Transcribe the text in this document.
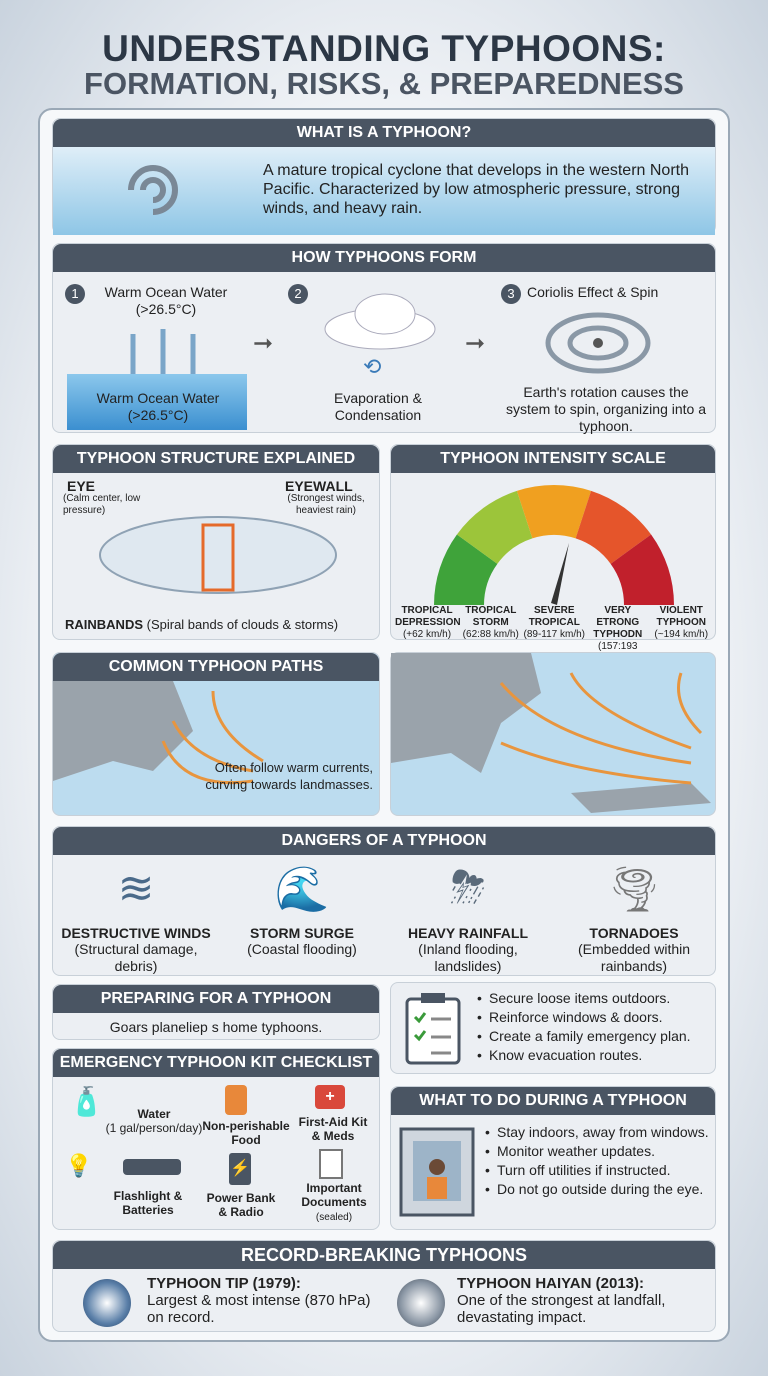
UNDERSTANDING TYPHOONS:
FORMATION, RISKS, & PREPAREDNESS
WHAT IS A TYPHOON?
A mature tropical cyclone that develops in the western North Pacific. Characterized by low atmospheric pressure, strong winds, and heavy rain.
HOW TYPHOONS FORM
1	Warm Ocean Water (>26.5°C)
Warm Ocean Water (>26.5°C)
➞
2
⟲
Evaporation & Condensation
➞
3 Coriolis Effect & Spin
Earth's rotation causes the system to spin, organizing into a typhoon.
TYPHOON STRUCTURE EXPLAINED
EYE
(Calm center, low pressure)
EYEWALL
(Strongest winds, heaviest rain)
RAINBANDS (Spiral bands of clouds & storms)
TYPHOON INTENSITY SCALE
TROPICAL DEPRESSION
(+62 km/h)
TROPICAL STORM
(62:88 km/h)
SEVERE TROPICAL
(89-117 km/h)
VERY ETRONG TYPHODN
(157:193
VIOLENT TYPHOON
(~194 km/h)
COMMON TYPHOON PATHS
Often follow warm currents, curving towards landmasses.
DANGERS OF A TYPHOON
≋
DESTRUCTIVE WINDS
(Structural damage, debris)
🌊
STORM SURGE
(Coastal flooding)
⛈
HEAVY RAINFALL
(Inland flooding, landslides)
🌪
TORNADOES
(Embedded within rainbands)
PREPARING FOR A TYPHOON
Goars planeliep s home typhoons.
• Secure loose items outdoors.
• Reinforce windows & doors.
• Create a family emergency plan.
• Know evacuation routes.
EMERGENCY TYPHOON KIT CHECKLIST
🧴	Water
(1 gal/person/day) Non-perishable Food
+
First-Aid Kit & Meds
💡
Flashlight & Batteries
⚡
Power Bank & Radio
Important Documents
(sealed)
WHAT TO DO DURING A TYPHOON
• Stay indoors, away from windows.
• Monitor weather updates.
• Turn off utilities if instructed.
• Do not go outside during the eye.
RECORD-BREAKING TYPHOONS
TYPHOON TIP (1979):
Largest & most intense (870 hPa) on record.
TYPHOON HAIYAN (2013):
One of the strongest at landfall, devastating impact.
